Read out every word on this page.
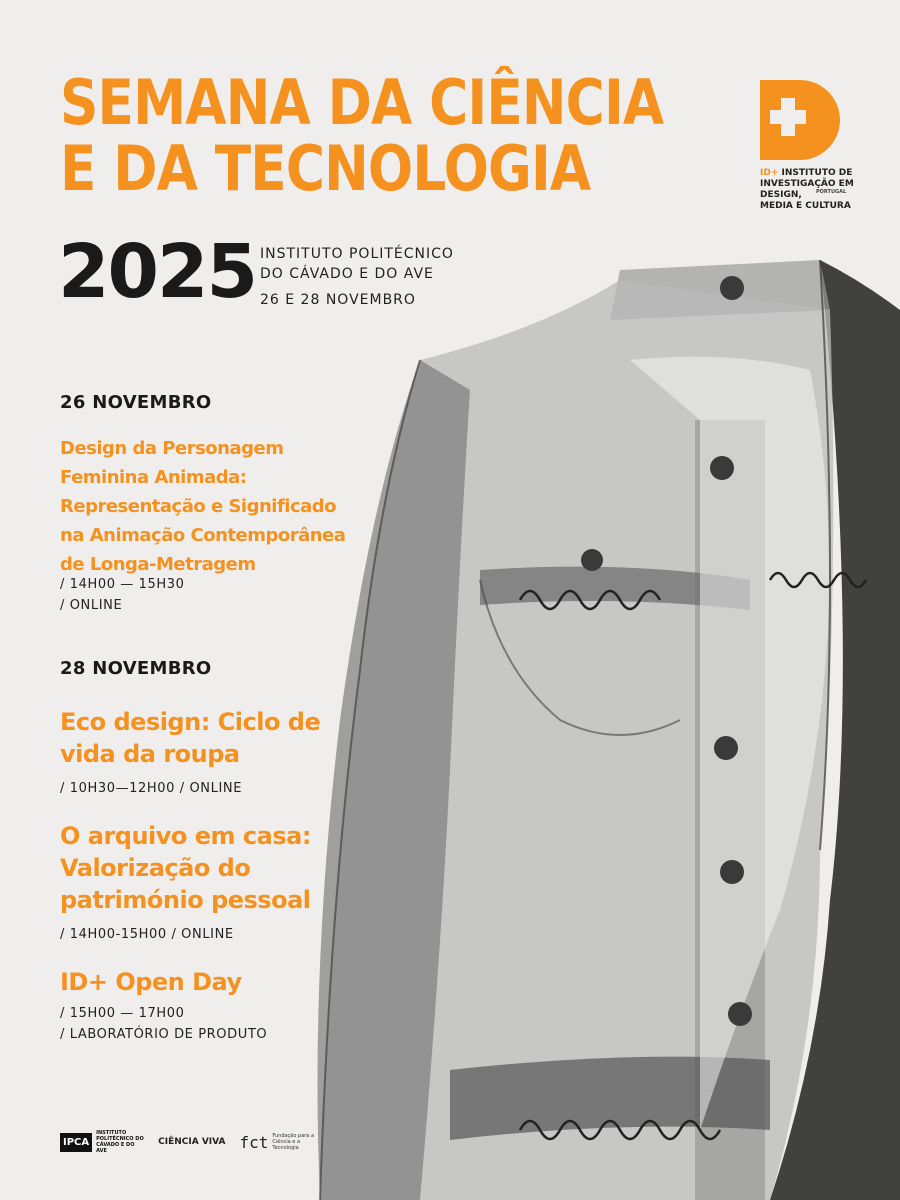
SEMANA DA CIÊNCIA
E DA TECNOLOGIA
2025 INSTITUTO POLITÉCNICO
DO CÁVADO E DO AVE
26 E 28 NOVEMBRO
ID+ INSTITUTO DE
INVESTIGAÇÃO EM
DESIGN,
MEDIA E CULTURA
PORTUGAL
26 NOVEMBRO
Design da Personagem Feminina Animada: Representação e Significado na Animação Contemporânea de Longa-Metragem
/ 14H00 — 15H30
/ ONLINE
28 NOVEMBRO
Eco design: Ciclo de vida da roupa
/ 10H30—12H00 / ONLINE
O arquivo em casa: Valorização do património pessoal
/ 14H00-15H00 / ONLINE
ID+ Open Day
/ 15H00 — 17H00
/ LABORATÓRIO DE PRODUTO
IPCA
INSTITUTO POLITÉCNICO DO CÁVADO E DO AVE
CIÊNCIA VIVA fct Fundação para a Ciência e a Tecnologia
